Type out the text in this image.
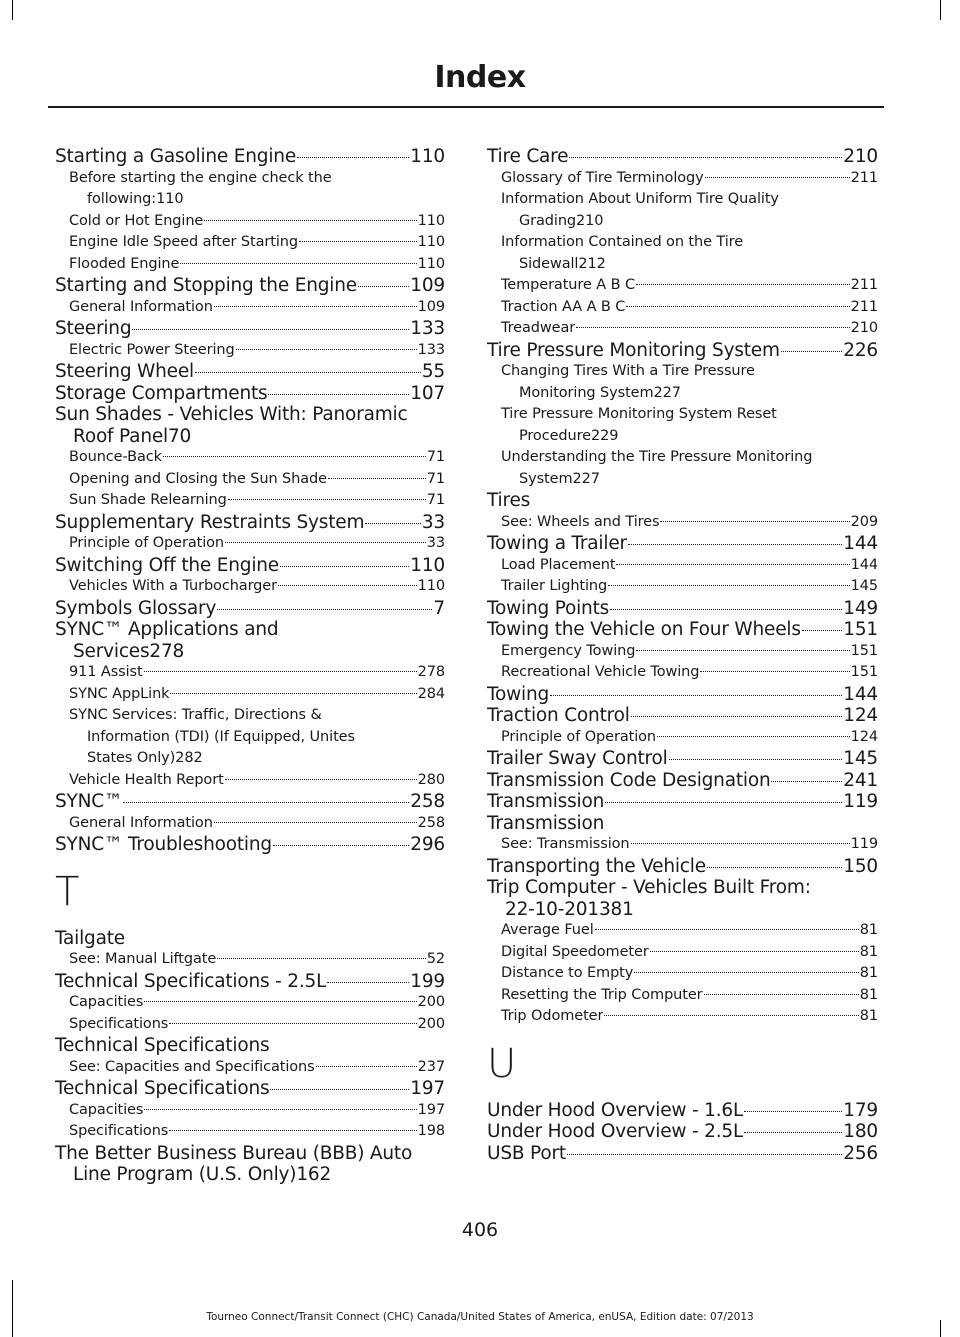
Index
Starting a Gasoline Engine	110
Before starting the engine check the
following: 110
Cold or Hot Engine	110
Engine Idle Speed after Starting	110
Flooded Engine	110
Starting and Stopping the Engine	109
General Information	109
Steering	133
Electric Power Steering	133
Steering Wheel	55
Storage Compartments	107
Sun Shades - Vehicles With: Panoramic
Roof Panel 70
Bounce-Back	71
Opening and Closing the Sun Shade	71
Sun Shade Relearning	71
Supplementary Restraints System	33
Principle of Operation	33
Switching Off the Engine	110
Vehicles With a Turbocharger	110
Symbols Glossary	7
SYNC™ Applications and
Services 278
911 Assist	278
SYNC AppLink	284
SYNC Services: Traffic, Directions &
Information (TDI) (If Equipped, Unites
States Only) 282
Vehicle Health Report	280
SYNC™	258
General Information	258
SYNC™ Troubleshooting	296
T
Tailgate
See: Manual Liftgate	52
Technical Specifications - 2.5L	199
Capacities	200
Specifications	200
Technical Specifications
See: Capacities and Specifications	237
Technical Specifications	197
Capacities	197
Specifications	198
The Better Business Bureau (BBB) Auto
Line Program (U.S. Only) 162
Tire Care	210
Glossary of Tire Terminology	211
Information About Uniform Tire Quality
Grading 210
Information Contained on the Tire
Sidewall 212
Temperature A B C	211
Traction AA A B C	211
Treadwear	210
Tire Pressure Monitoring System	226
Changing Tires With a Tire Pressure
Monitoring System 227
Tire Pressure Monitoring System Reset
Procedure 229
Understanding the Tire Pressure Monitoring
System 227
Tires
See: Wheels and Tires	209
Towing a Trailer	144
Load Placement	144
Trailer Lighting	145
Towing Points	149
Towing the Vehicle on Four Wheels 151
Emergency Towing	151
Recreational Vehicle Towing	151
Towing	144
Traction Control	124
Principle of Operation	124
Trailer Sway Control	145
Transmission Code Designation	241
Transmission	119
Transmission
See: Transmission	119
Transporting the Vehicle	150
Trip Computer - Vehicles Built From:
22-10-2013 81
Average Fuel	81
Digital Speedometer	81
Distance to Empty	81
Resetting the Trip Computer	81
Trip Odometer	81
U
Under Hood Overview - 1.6L	179
Under Hood Overview - 2.5L	180
USB Port	256
406
Tourneo Connect/Transit Connect (CHC) Canada/United States of America, enUSA, Edition date: 07/2013
